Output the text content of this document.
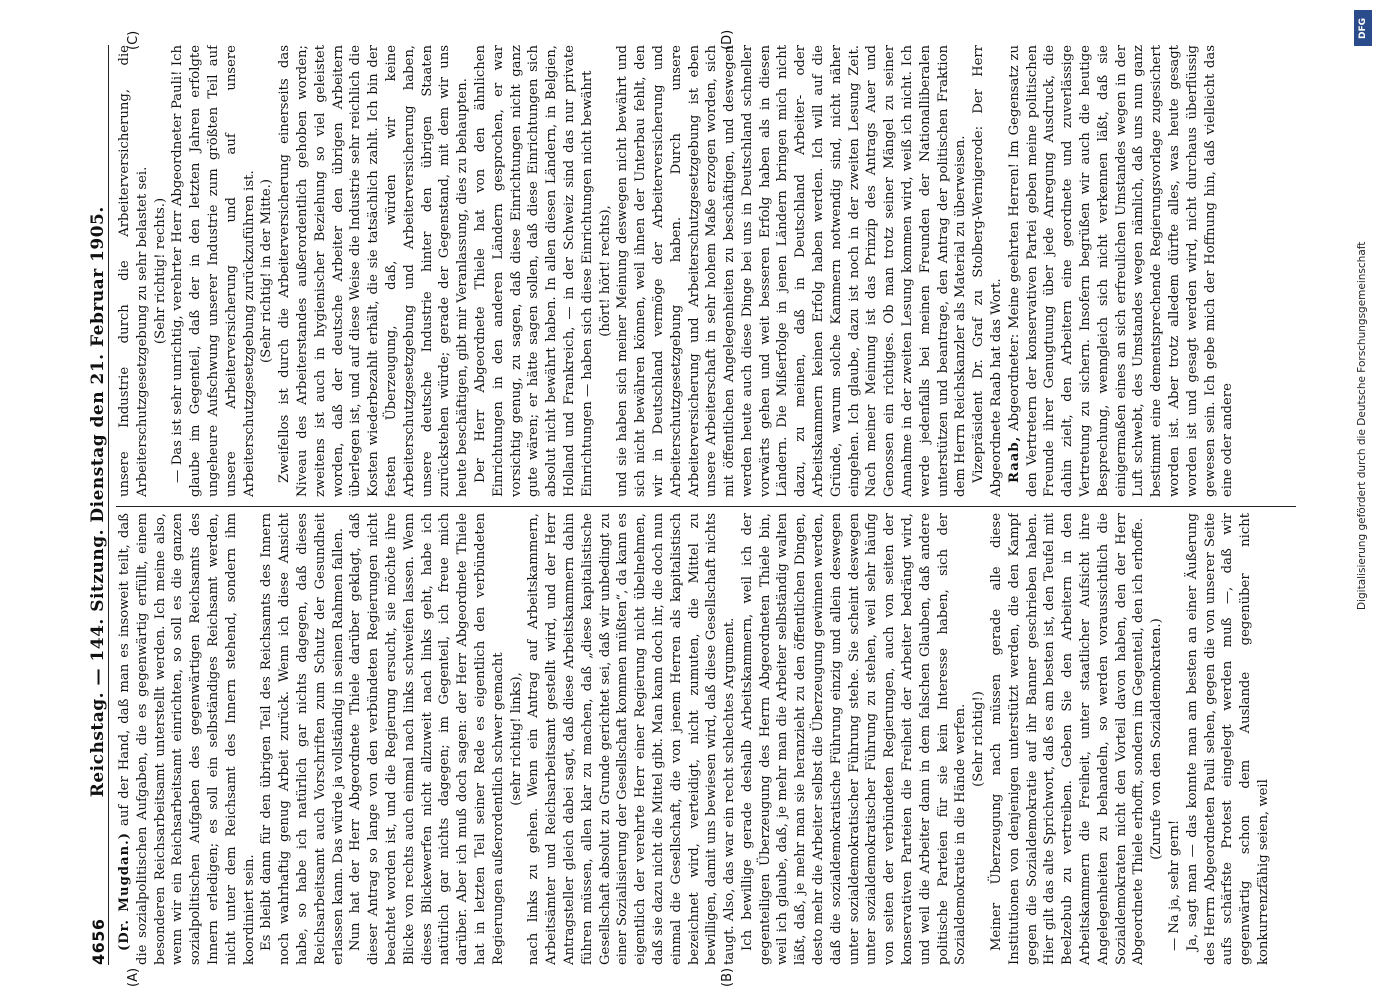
4656
Reichstag. — 144. Sitzung. Dienstag den 21. Februar 1905.
(A)	(B)
(C)	(D)

(Dr. Mugdan.) auf der Hand, daß man es insoweit teilt, daß die sozialpolitischen Aufgaben, die es gegenwärtig erfüllt, einem besonderen Reichsarbeitsamt unterstellt werden. Ich meine also, wenn wir ein Reichsarbeitsamt einrichten, so soll es die ganzen sozialpolitischen Aufgaben des gegenwärtigen Reichsamts des Innern erledigen; es soll ein selbständiges Reichsamt werden, nicht unter dem Reichsamt des Innern stehend, sondern ihm koordiniert sein. Es bleibt dann für den übrigen Teil des Reichsamts des Innern noch wahrhaftig genug Arbeit zurück. Wenn ich diese Ansicht habe, so habe ich natürlich gar nichts dagegen, daß dieses Reichsarbeitsamt auch Vorschriften zum Schutz der Gesundheit erlassen kann. Das würde ja vollständig in seinen Rahmen fallen. Nun hat der Herr Abgeordnete Thiele darüber geklagt, daß dieser Antrag so lange von den verbündeten Regierungen nicht beachtet worden ist, und die Regierung ersucht, sie möchte ihre Blicke von rechts auch einmal nach links schweifen lassen. Wenn dieses Blickewerfen nicht allzuweit nach links geht, habe ich natürlich gar nichts dagegen; im Gegenteil, ich freue mich darüber. Aber ich muß doch sagen: der Herr Abgeordnete Thiele hat in letzten Teil seiner Rede es eigentlich den verbündeten Regierungen außerordentlich schwer gemacht (sehr richtig! links), nach links zu gehen. Wenn ein Antrag auf Arbeitskammern, Arbeitsämter und Reichsarbeitsamt gestellt wird, und der Herr Antragsteller gleich dabei sagt, daß diese Arbeitskammern dahin führen müssen, allen klar zu machen, daß „diese kapitalistische Gesellschaft absolut zu Grunde gerichtet sei, daß wir unbedingt zu einer Sozialisierung der Gesellschaft kommen müßten“, da kann es eigentlich der verehrte Herr einer Regierung nicht übelnehmen, daß sie dazu nicht die Mittel gibt. Man kann doch ihr, die doch nun einmal die Gesellschaft, die von jenem Herren als kapitalistisch bezeichnet wird, verteidigt, nicht zumuten, die Mittel zu bewilligen, damit uns bewiesen wird, daß diese Gesellschaft nichts taugt. Also, das war ein recht schlechtes Argument. Ich bewillige gerade deshalb Arbeitskammern, weil ich der gegenteiligen Überzeugung des Herrn Abgeordneten Thiele bin, weil ich glaube, daß, je mehr man die Arbeiter selbständig walten läßt, daß, je mehr man sie heranzieht zu den öffentlichen Dingen, desto mehr die Arbeiter selbst die Überzeugung gewinnen werden, daß die sozialdemokratische Führung einzig und allein deswegen unter sozialdemokratischer Führung stehe. Sie scheint deswegen unter sozialdemokratischer Führung zu stehen, weil sehr häufig von seiten der verbündeten Regierungen, auch von seiten der konservativen Parteien die Freiheit der Arbeiter bedrängt wird, und weil die Arbeiter dann in dem falschen Glauben, daß andere politische Parteien für sie kein Interesse haben, sich der Sozialdemokratie in die Hände werfen. (Sehr richtig!) Meiner Überzeugung nach müssen gerade alle diese Institutionen von denjenigen unterstützt werden, die den Kampf gegen die Sozialdemokratie auf ihr Banner geschrieben haben. Hier gilt das alte Sprichwort, daß es am besten ist, den Teufel mit Beelzebub zu vertreiben. Geben Sie den Arbeitern in den Arbeitskammern die Freiheit, unter staatlicher Aufsicht ihre Angelegenheiten zu behandeln, so werden voraussichtlich die Sozialdemokraten nicht den Vorteil davon haben, den der Herr Abgeordnete Thiele erhofft, sondern im Gegenteil, den ich erhoffe. (Zurufe von den Sozialdemokraten.)

— Na ja, sehr gern! Ja, sagt man — das konnte man am besten an einer Äußerung des Herrn Abgeordneten Pauli sehen, gegen die von unserer Seite aufs schärfste Protest eingelegt werden muß —, daß wir gegenwärtig schon dem Auslande gegenüber nicht konkurrenzfähig seien, weil

unsere Industrie durch die Arbeiterversicherung, die Arbeiterschutzgesetzgebung zu sehr belastet sei. (Sehr richtig! rechts.) — Das ist sehr unrichtig, verehrter Herr Abgeordneter Pauli! Ich glaube im Gegenteil, daß der in den letzten Jahren erfolgte ungeheure Aufschwung unserer Industrie zum größten Teil auf unsere Arbeiterversicherung und auf unsere Arbeiterschutzgesetzgebung zurückzuführen ist. (Sehr richtig! in der Mitte.) Zweifellos ist durch die Arbeiterversicherung einerseits das Niveau des Arbeiterstandes außerordentlich gehoben worden; zweitens ist auch in hygienischer Beziehung so viel geleistet worden, daß der deutsche Arbeiter den übrigen Arbeitern überlegen ist, und auf diese Weise die Industrie sehr reichlich die Kosten wiederbezahlt erhält, die sie tatsächlich zahlt. Ich bin der festen Überzeugung, daß, würden wir keine Arbeiterschutzgesetzgebung und Arbeiterversicherung haben, unsere deutsche Industrie hinter den übrigen Staaten zurückstehen würde; gerade der Gegenstand, mit dem wir uns heute beschäftigen, gibt mir Veranlassung, dies zu behaupten. Der Herr Abgeordnete Thiele hat von den ähnlichen Einrichtungen in den anderen Ländern gesprochen, er war vorsichtig genug, zu sagen, daß diese Einrichtungen nicht ganz gute wären; er hätte sagen sollen, daß diese Einrichtungen sich absolut nicht bewährt haben. In allen diesen Ländern, in Belgien, Holland und Frankreich, — in der Schweiz sind das nur private Einrichtungen — haben sich diese Einrichtungen nicht bewährt (hört! hört! rechts), und sie haben sich meiner Meinung deswegen nicht bewährt und sich nicht bewähren können, weil ihnen der Unterbau fehlt, den wir in Deutschland vermöge der Arbeiterversicherung und Arbeiterschutzgesetzgebung haben. Durch unsere Arbeiterversicherung und Arbeiterschutzgesetzgebung ist eben unsere Arbeiterschaft in sehr hohem Maße erzogen worden, sich mit öffentlichen Angelegenheiten zu beschäftigen, und deswegen werden heute auch diese Dinge bei uns in Deutschland schneller vorwärts gehen und weit besseren Erfolg haben als in diesen Ländern. Die Mißerfolge in jenen Ländern bringen mich nicht dazu, zu meinen, daß in Deutschland Arbeiter- oder Arbeitskammern keinen Erfolg haben werden. Ich will auf die Gründe, warum solche Kammern notwendig sind, nicht näher eingehen. Ich glaube, dazu ist noch in der zweiten Lesung Zeit. Nach meiner Meinung ist das Prinzip des Antrags Auer und Genossen ein richtiges. Ob man trotz seiner Mängel zu seiner Annahme in der zweiten Lesung kommen wird, weiß ich nicht. Ich werde jedenfalls bei meinen Freunden der Nationalliberalen unterstützen und beantrage, den Antrag der politischen Fraktion dem Herrn Reichskanzler als Material zu überweisen. Vizepräsident Dr. Graf zu Stolberg-Wernigerode: Der Herr Abgeordnete Raab hat das Wort. Raab, Abgeordneter: Meine geehrten Herren! Im Gegensatz zu den Vertretern der konservativen Partei geben meine politischen Freunde ihrer Genugtuung über jede Anregung Ausdruck, die dahin zielt, den Arbeitern eine geordnete und zuverlässige Vertretung zu sichern. Insofern begrüßen wir auch die heutige Besprechung, wenngleich sich nicht verkennen läßt, daß sie einigermaßen eines an sich erfreulichen Umstandes wegen in der Luft schwebt, des Umstandes wegen nämlich, daß uns nun ganz bestimmt eine dementsprechende Regierungsvorlage zugesichert worden ist. Aber trotz alledem dürfte alles, was heute gesagt worden ist und gesagt werden wird, nicht durchaus überflüssig gewesen sein. Ich gebe mich der Hoffnung hin, daß vielleicht das eine oder andere

DFG
Digitalisierung gefördert durch die Deutsche Forschungsgemeinschaft
